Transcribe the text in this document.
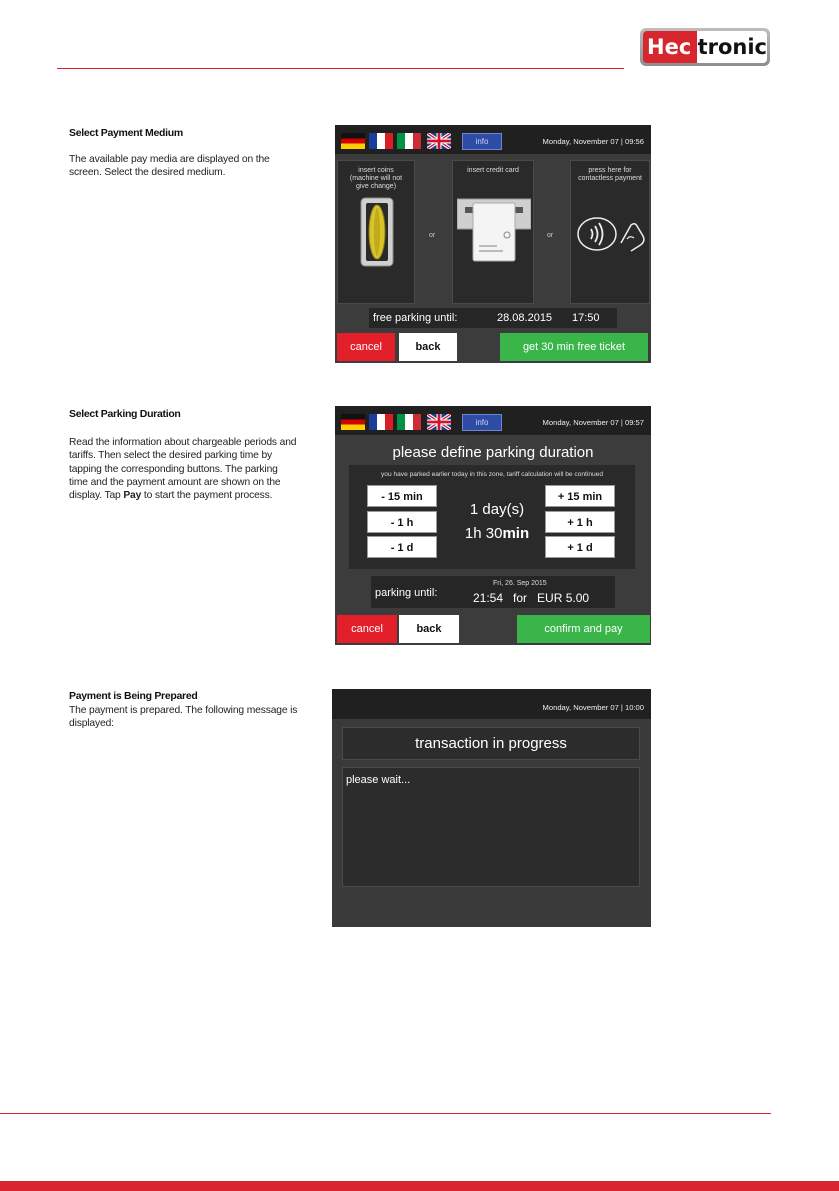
Hec tronic
Select Payment Medium
The available pay media are displayed on the screen. Select the desired medium.
info	Monday, November 07 | 09:56
insert coins
(machine will not
give change)
or
insert credit card
or
press here for
contactless payment
free parking until:	28.08.2015 17:50
cancel	back	get 30 min free ticket
Select Parking Duration
Read the information about chargeable periods and
tariffs. Then select the desired parking time by
tapping the corresponding buttons. The parking
time and the payment amount are shown on the
display. Tap Pay to start the payment process.
info	Monday, November 07 | 09:57
please define parking duration
you have parked earlier today in this zone, tariff calculation will be continued
- 15 min
- 1 h
- 1 d
1 day(s)
1h 30min
+ 15 min
+ 1 h
+ 1 d
parking until:
Fri, 26. Sep 2015
21:54   for   EUR 5.00
cancel	back	confirm and pay
Payment is Being Prepared
The payment is prepared. The following message is displayed:
Monday, November 07 | 10:00
transaction in progress
please wait...
